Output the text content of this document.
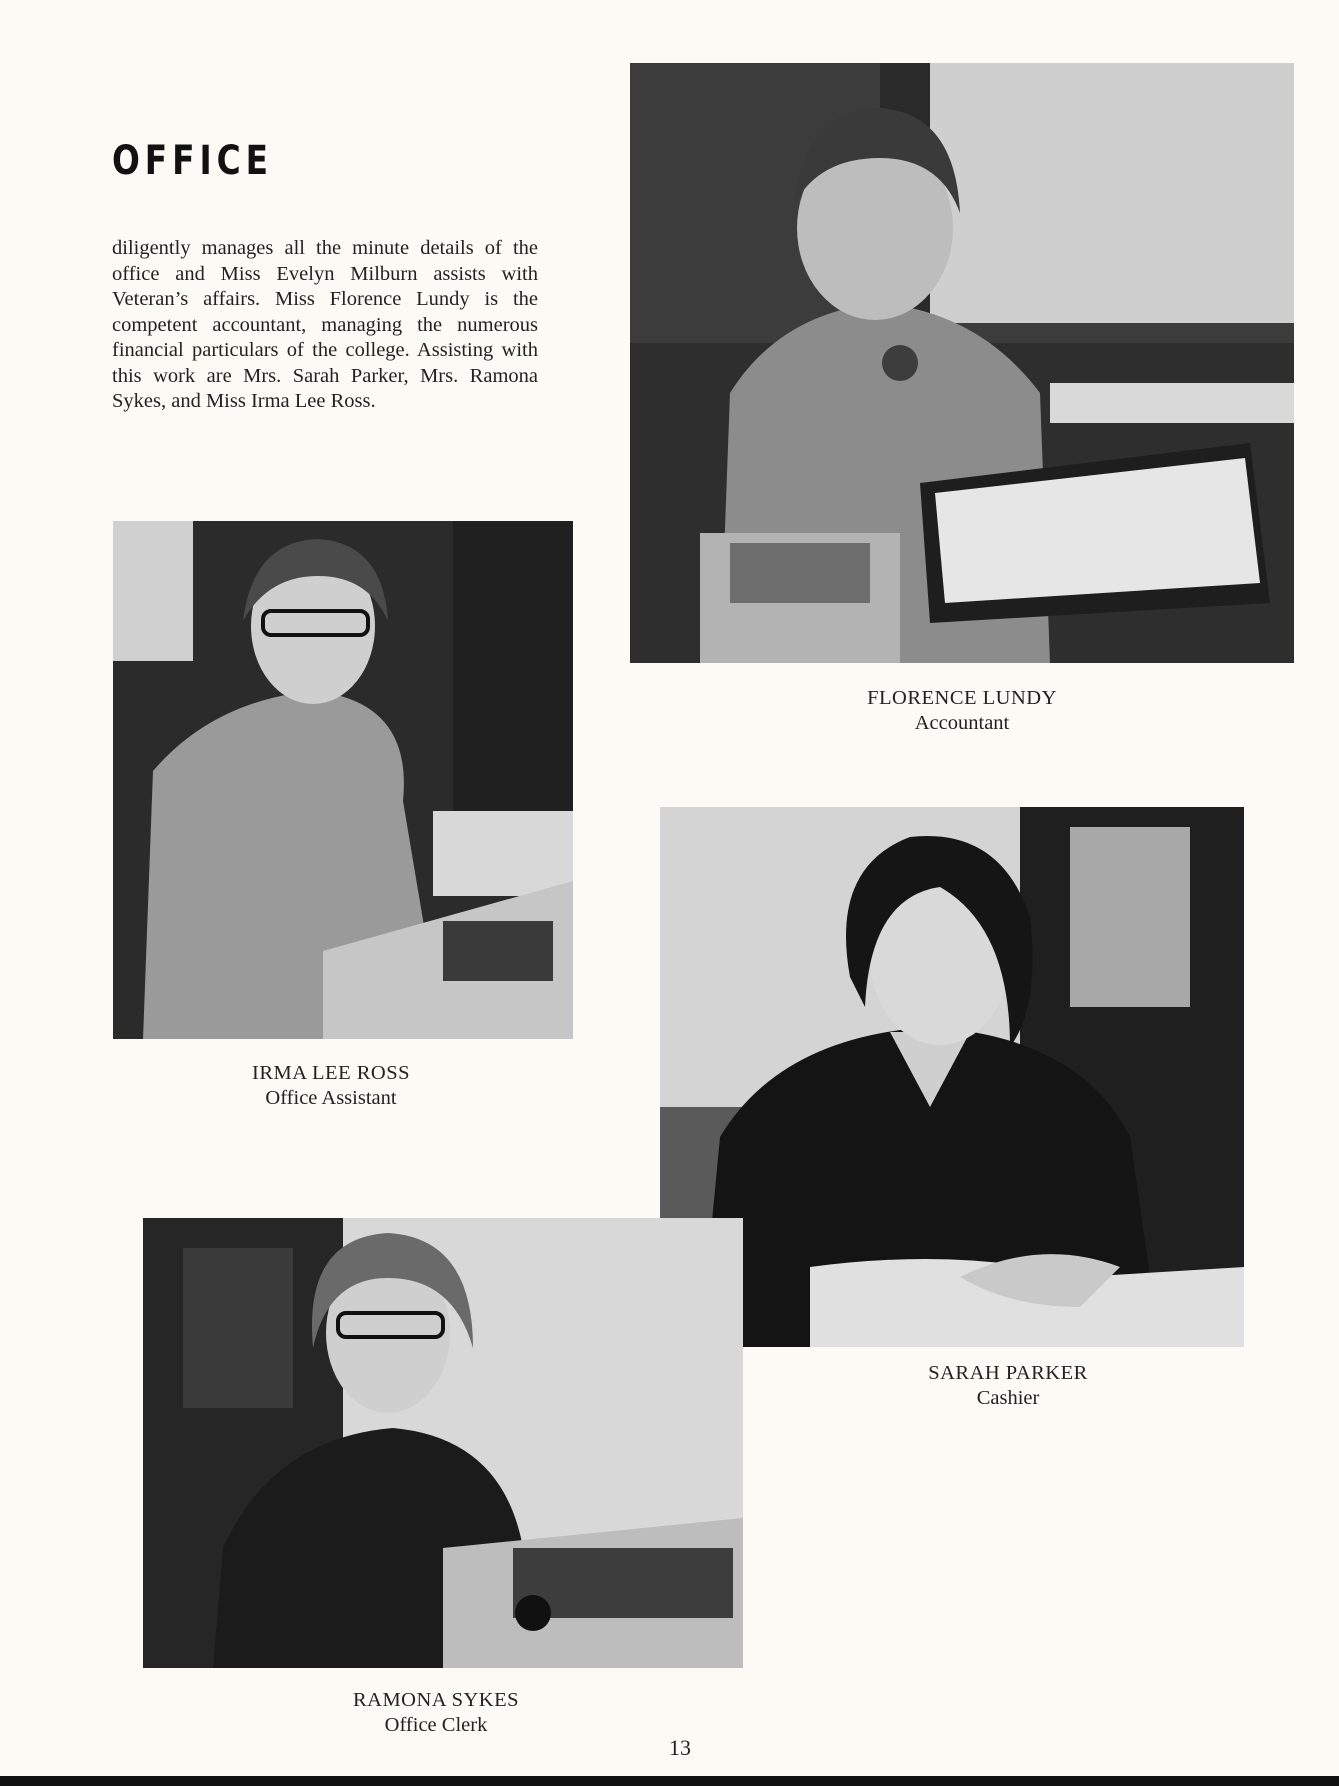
OFFICE

diligently manages all the minute details of the office and Miss Evelyn Milburn assists with Veteran’s affairs. Miss Florence Lundy is the competent accountant, managing the numerous financial particulars of the college. Assisting with this work are Mrs. Sarah Parker, Mrs. Ramona Sykes, and Miss Irma Lee Ross.

FLORENCE LUNDY
Accountant
IRMA LEE ROSS
Office Assistant
SARAH PARKER
Cashier
RAMONA SYKES
Office Clerk
13
